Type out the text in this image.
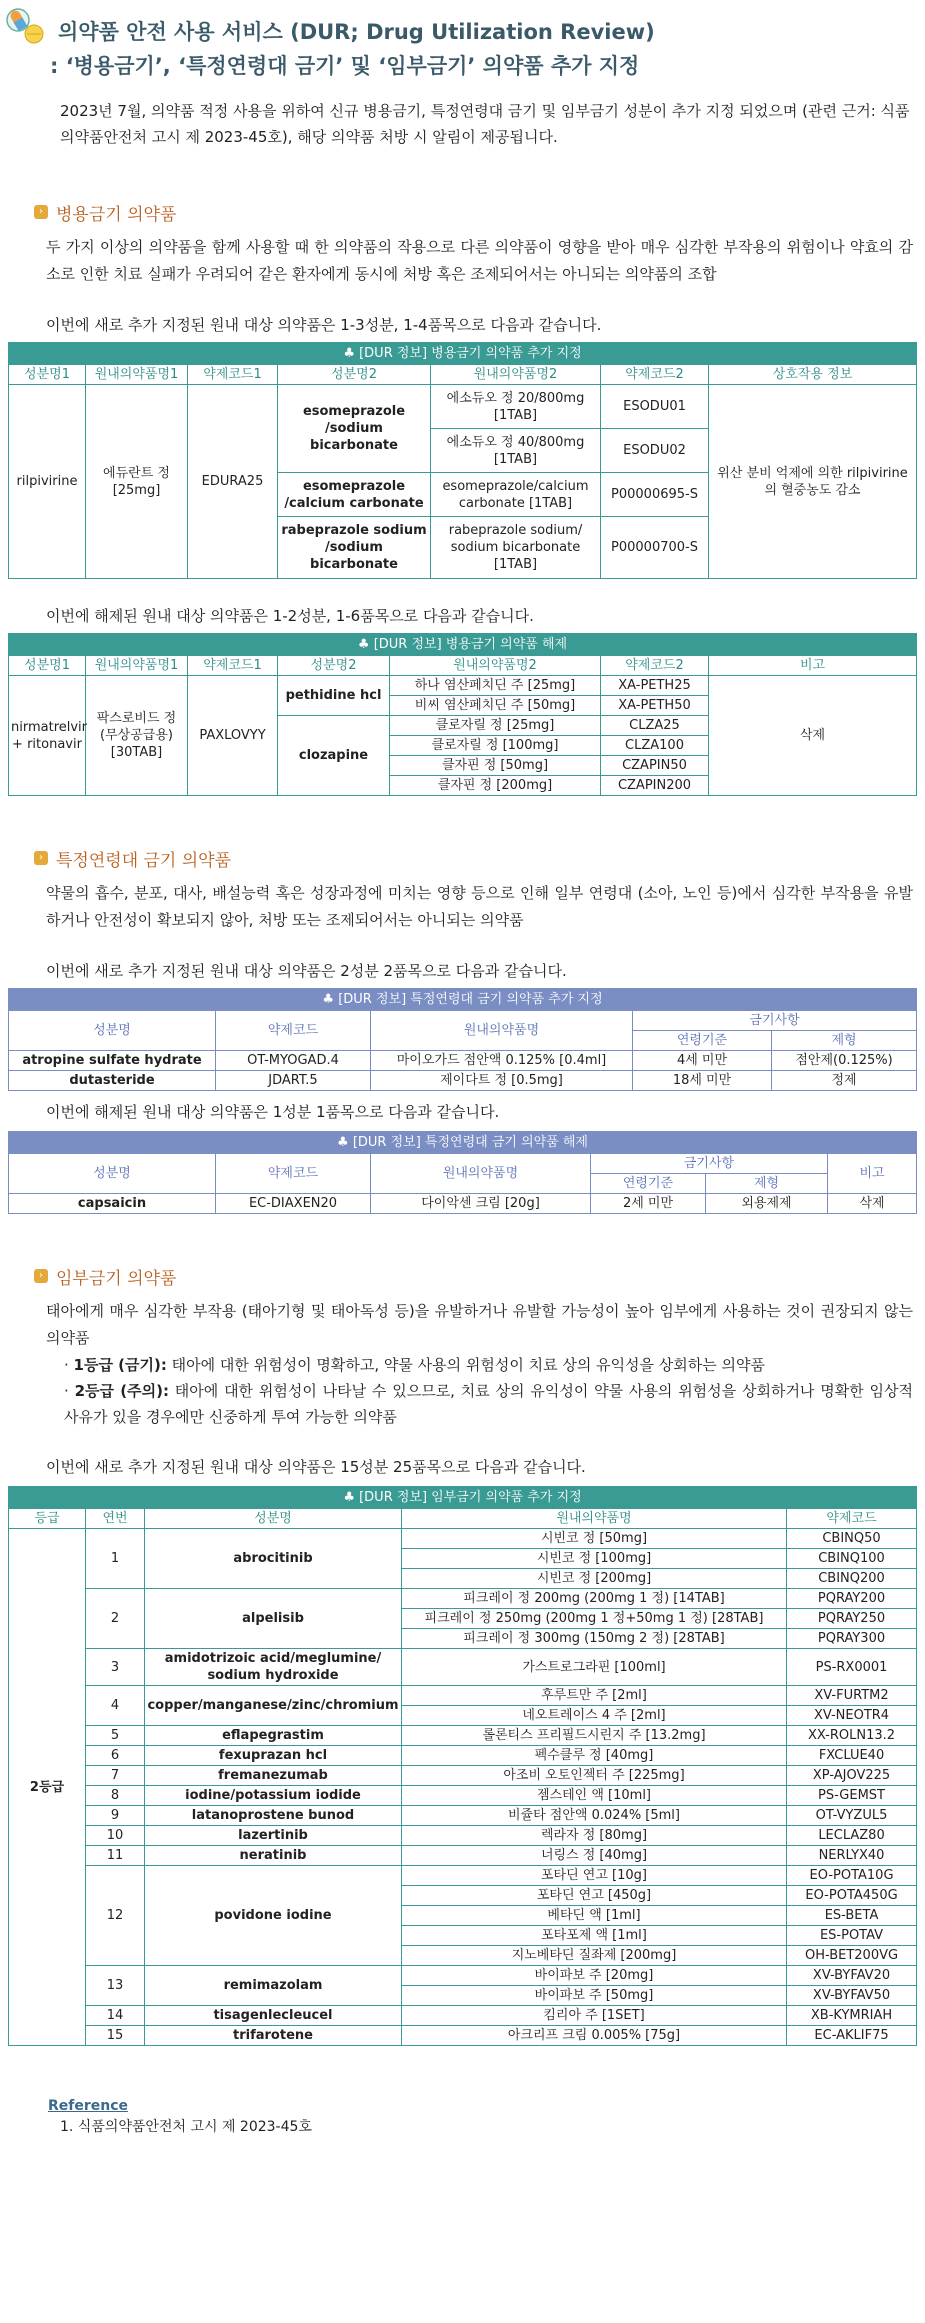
의약품 안전 사용 서비스 (DUR; Drug Utilization Review)
: ‘병용금기’, ‘특정연령대 금기’ 및 ‘임부금기’ 의약품 추가 지정
2023년 7월, 의약품 적정 사용을 위하여 신규 병용금기, 특정연령대 금기 및 임부금기 성분이 추가 지정 되었으며 (관련 근거: 식품의약품안전처 고시 제 2023-45호), 해당 의약품 처방 시 알림이 제공됩니다.
› 병용금기 의약품
두 가지 이상의 의약품을 함께 사용할 때 한 의약품의 작용으로 다른 의약품이 영향을 받아 매우 심각한 부작용의 위험이나 약효의 감소로 인한 치료 실패가 우려되어 같은 환자에게 동시에 처방 혹은 조제되어서는 아니되는 의약품의 조합
이번에 새로 추가 지정된 원내 대상 의약품은 1-3성분, 1-4품목으로 다음과 같습니다.
♣ [DUR 정보] 병용금기 의약품 추가 지정						
성분명1	원내의약품명1	약제코드1	성분명2	원내의약품명2	약제코드2	상호작용 정보
rilpivirine	에듀란트 정 [25mg]	EDURA25	esomeprazole /sodium bicarbonate	에소듀오 정 20/800mg [1TAB]	ESODU01	위산 분비 억제에 의한 rilpivirine 의 혈중농도 감소
				에소듀오 정 40/800mg [1TAB]	ESODU02	
			esomeprazole /calcium carbonate	esomeprazole/calcium carbonate [1TAB]	P00000695-S	
			rabeprazole sodium /sodium bicarbonate	rabeprazole sodium/ sodium bicarbonate [1TAB]	P00000700-S	
이번에 해제된 원내 대상 의약품은 1-2성분, 1-6품목으로 다음과 같습니다.
♣ [DUR 정보] 병용금기 의약품 해제						
성분명1	원내의약품명1	약제코드1	성분명2	원내의약품명2	약제코드2	비고
nirmatrelvir + ritonavir	팍스로비드 정 (무상공급용) [30TAB]	PAXLOVYY	pethidine hcl	하나 염산페치딘 주 [25mg]	XA-PETH25	삭제
				비씨 염산페치딘 주 [50mg]	XA-PETH50	
			clozapine	클로자릴 정 [25mg]	CLZA25	
				클로자릴 정 [100mg]	CLZA100	
				클자핀 정 [50mg]	CZAPIN50	
				클자핀 정 [200mg]	CZAPIN200	
› 특정연령대 금기 의약품
약물의 흡수, 분포, 대사, 배설능력 혹은 성장과정에 미치는 영향 등으로 인해 일부 연령대 (소아, 노인 등)에서 심각한 부작용을 유발하거나 안전성이 확보되지 않아, 처방 또는 조제되어서는 아니되는 의약품
이번에 새로 추가 지정된 원내 대상 의약품은 2성분 2품목으로 다음과 같습니다.
♣ [DUR 정보] 특정연령대 금기 의약품 추가 지정				
성분명	약제코드	원내의약품명	금기사항	
			연령기준	제형
atropine sulfate hydrate	OT-MYOGAD.4	마이오가드 점안액 0.125% [0.4ml]	4세 미만	점안제(0.125%)
dutasteride	JDART.5	제이다트 정 [0.5mg]	18세 미만	정제
이번에 해제된 원내 대상 의약품은 1성분 1품목으로 다음과 같습니다.
♣ [DUR 정보] 특정연령대 금기 의약품 해제					
성분명	약제코드	원내의약품명	금기사항		비고
			연령기준	제형	
capsaicin	EC-DIAXEN20	다이악센 크림 [20g]	2세 미만	외용제제	삭제
› 임부금기 의약품
태아에게 매우 심각한 부작용 (태아기형 및 태아독성 등)을 유발하거나 유발할 가능성이 높아 임부에게 사용하는 것이 권장되지 않는 의약품
· 1등급 (금기): 태아에 대한 위험성이 명확하고, 약물 사용의 위험성이 치료 상의 유익성을 상회하는 의약품
· 2등급 (주의): 태아에 대한 위험성이 나타날 수 있으므로, 치료 상의 유익성이 약물 사용의 위험성을 상회하거나 명확한 임상적 사유가 있을 경우에만 신중하게 투여 가능한 의약품
이번에 새로 추가 지정된 원내 대상 의약품은 15성분 25품목으로 다음과 같습니다.
♣ [DUR 정보] 임부금기 의약품 추가 지정				
등급	연번	성분명	원내의약품명	약제코드
2등급	1	abrocitinib	시빈코 정 [50mg]	CBINQ50
			시빈코 정 [100mg]	CBINQ100
			시빈코 정 [200mg]	CBINQ200
	2	alpelisib	피크레이 정 200mg (200mg 1 정) [14TAB]	PQRAY200
			피크레이 정 250mg (200mg 1 정+50mg 1 정) [28TAB]	PQRAY250
			피크레이 정 300mg (150mg 2 정) [28TAB]	PQRAY300
	3	amidotrizoic acid/meglumine/ sodium hydroxide	가스트로그라핀 [100ml]	PS-RX0001
	4	copper/manganese/zinc/chromium	후루트만 주 [2ml]	XV-FURTM2
			네오트레이스 4 주 [2ml]	XV-NEOTR4
	5	eflapegrastim	롤론티스 프리필드시린지 주 [13.2mg]	XX-ROLN13.2
	6	fexuprazan hcl	펙수클루 정 [40mg]	FXCLUE40
	7	fremanezumab	아조비 오토인젝터 주 [225mg]	XP-AJOV225
	8	iodine/potassium iodide	젬스테인 액 [10ml]	PS-GEMST
	9	latanoprostene bunod	비쥴타 점안액 0.024% [5ml]	OT-VYZUL5
	10	lazertinib	렉라자 정 [80mg]	LECLAZ80
	11	neratinib	너링스 정 [40mg]	NERLYX40
	12	povidone iodine	포타딘 연고 [10g]	EO-POTA10G
			포타딘 연고 [450g]	EO-POTA450G
			베타딘 액 [1ml]	ES-BETA
			포타포제 액 [1ml]	ES-POTAV
			지노베타딘 질좌제 [200mg]	OH-BET200VG
	13	remimazolam	바이파보 주 [20mg]	XV-BYFAV20
			바이파보 주 [50mg]	XV-BYFAV50
	14	tisagenlecleucel	킴리아 주 [1SET]	XB-KYMRIAH
	15	trifarotene	아크리프 크림 0.005% [75g]	EC-AKLIF75
Reference
1. 식품의약품안전처 고시 제 2023-45호
